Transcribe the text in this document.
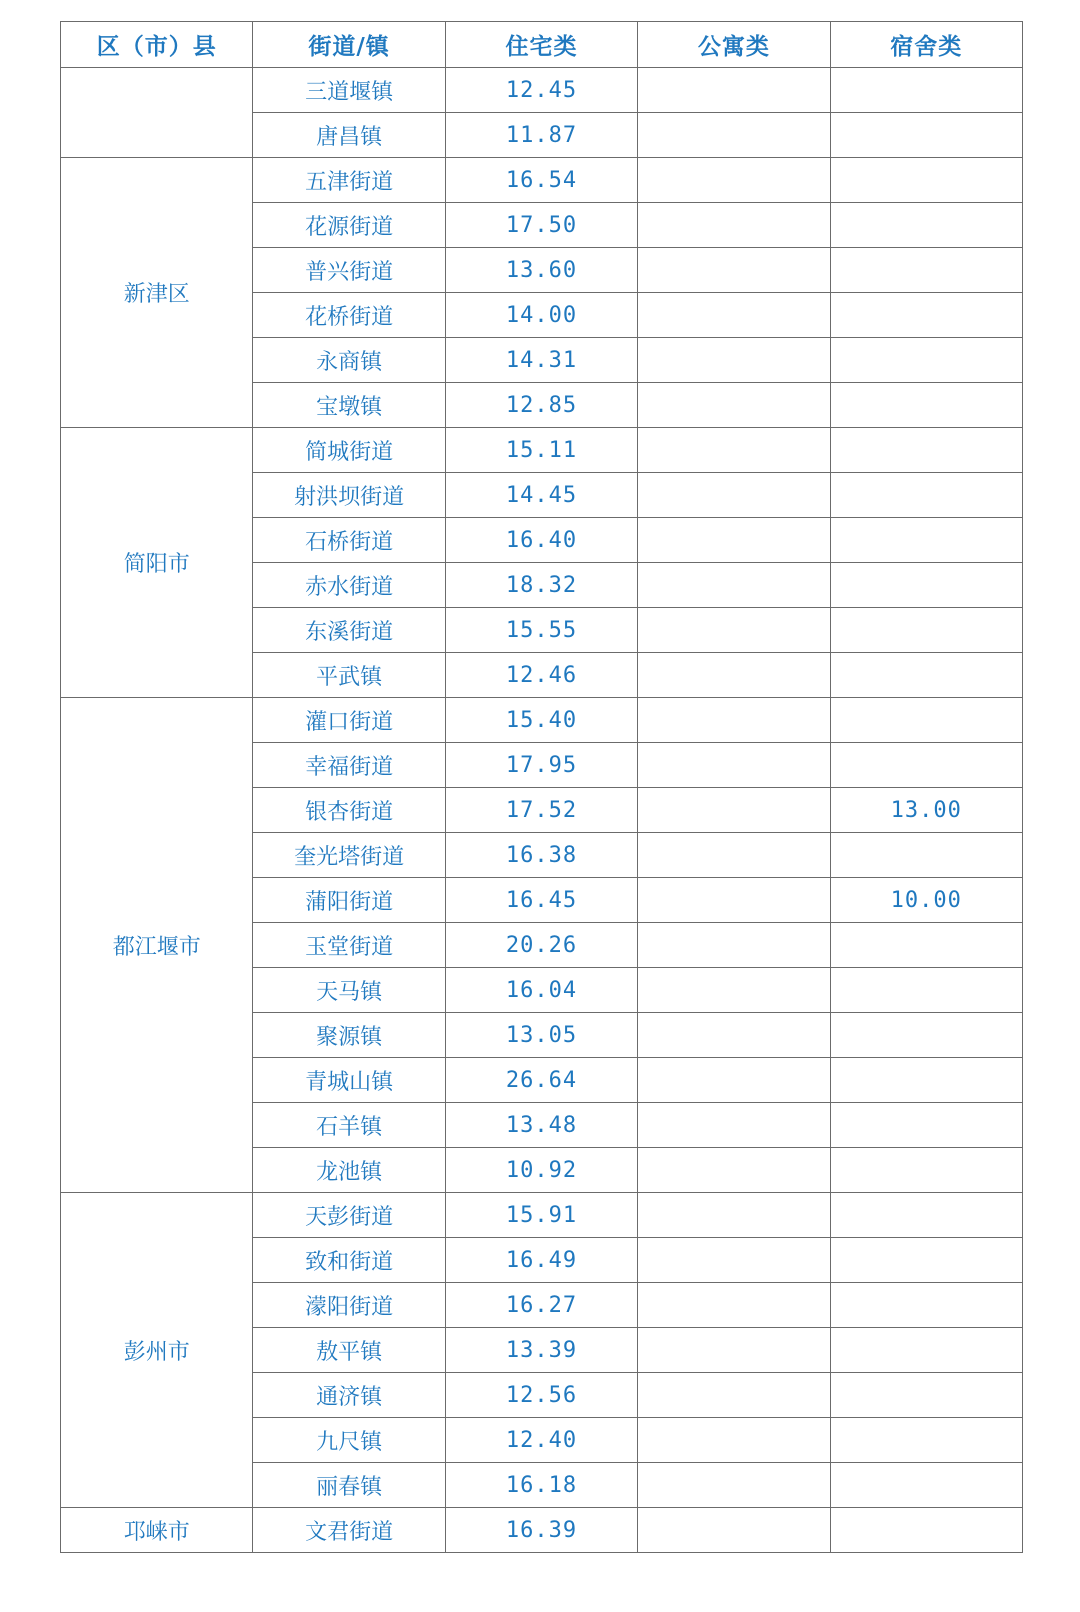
区（市）县	街道/镇	住宅类	公寓类	宿舍类
	三道堰镇	12.45		
	唐昌镇	11.87		
新津区	五津街道	16.54		
	花源街道	17.50		
	普兴街道	13.60		
	花桥街道	14.00		
	永商镇	14.31		
	宝墩镇	12.85		
简阳市	简城街道	15.11		
	射洪坝街道	14.45		
	石桥街道	16.40		
	赤水街道	18.32		
	东溪街道	15.55		
	平武镇	12.46		
都江堰市	灌口街道	15.40		
	幸福街道	17.95		
	银杏街道	17.52		13.00
	奎光塔街道	16.38		
	蒲阳街道	16.45		10.00
	玉堂街道	20.26		
	天马镇	16.04		
	聚源镇	13.05		
	青城山镇	26.64		
	石羊镇	13.48		
	龙池镇	10.92		
彭州市	天彭街道	15.91		
	致和街道	16.49		
	濛阳街道	16.27		
	敖平镇	13.39		
	通济镇	12.56		
	九尺镇	12.40		
	丽春镇	16.18		
邛崃市	文君街道	16.39		
